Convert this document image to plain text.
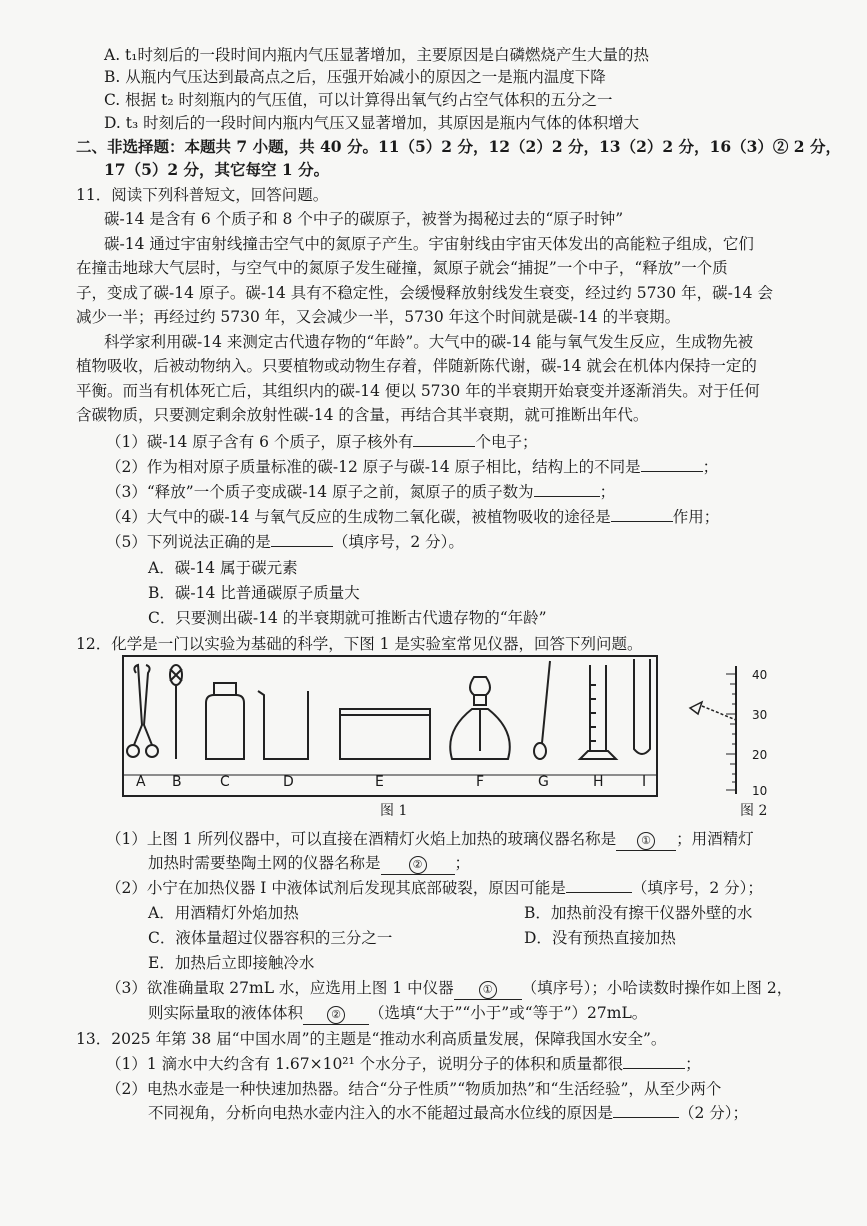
A. t₁时刻后的一段时间内瓶内气压显著增加，主要原因是白磷燃烧产生大量的热
B. 从瓶内气压达到最高点之后，压强开始减小的原因之一是瓶内温度下降
C. 根据 t₂ 时刻瓶内的气压值，可以计算得出氧气约占空气体积的五分之一
D. t₃ 时刻后的一段时间内瓶内气压又显著增加，其原因是瓶内气体的体积增大
二、非选择题：本题共 7 小题，共 40 分。11（5）2 分，12（2）2 分，13（2）2 分，16（3）② 2 分，
17（5）2 分，其它每空 1 分。
11．阅读下列科普短文，回答问题。
碳-14 是含有 6 个质子和 8 个中子的碳原子，被誉为揭秘过去的“原子时钟”
碳-14 通过宇宙射线撞击空气中的氮原子产生。宇宙射线由宇宙天体发出的高能粒子组成，它们
在撞击地球大气层时，与空气中的氮原子发生碰撞，氮原子就会“捕捉”一个中子，“释放”一个质
子，变成了碳-14 原子。碳-14 具有不稳定性，会缓慢释放射线发生衰变，经过约 5730 年，碳-14 会
减少一半；再经过约 5730 年，又会减少一半，5730 年这个时间就是碳-14 的半衰期。
科学家利用碳-14 来测定古代遗存物的“年龄”。大气中的碳-14 能与氧气发生反应，生成物先被
植物吸收，后被动物纳入。只要植物或动物生存着，伴随新陈代谢，碳-14 就会在机体内保持一定的
平衡。而当有机体死亡后，其组织内的碳-14 便以 5730 年的半衰期开始衰变并逐渐消失。对于任何
含碳物质，只要测定剩余放射性碳-14 的含量，再结合其半衰期，就可推断出年代。
（1）碳-14 原子含有 6 个质子，原子核外有	个电子；
（2）作为相对原子质量标准的碳-12 原子与碳-14 原子相比，结构上的不同是	；
（3）“释放”一个质子变成碳-14 原子之前，氮原子的质子数为	；
（4）大气中的碳-14 与氧气反应的生成物二氧化碳，被植物吸收的途径是	作用；
（5）下列说法正确的是	（填序号，2 分）。
A．碳-14 属于碳元素
B．碳-14 比普通碳原子质量大
C．只要测出碳-14 的半衰期就可推断古代遗存物的“年龄”
12．化学是一门以实验为基础的科学，下图 1 是实验室常见仪器，回答下列问题。
A B	C	D	E	F	G	H	I
图 1
40
30
20
10
图 2
（1）上图 1 所列仪器中，可以直接在酒精灯火焰上加热的玻璃仪器名称是 ① ；用酒精灯
加热时需要垫陶土网的仪器名称是	② ；
（2）小宁在加热仪器 I 中液体试剂后发现其底部破裂，原因可能是	（填序号，2 分）；
A．用酒精灯外焰加热	B．加热前没有擦干仪器外壁的水
C．液体量超过仪器容积的三分之一	D．没有预热直接加热
E．加热后立即接触冷水
（3）欲准确量取 27mL 水，应选用上图 1 中仪器	① （填序号）；小哈读数时操作如上图 2，
则实际量取的液体体积	② （选填“大于”“小于”或“等于”）27mL。
13．2025 年第 38 届“中国水周”的主题是“推动水利高质量发展，保障我国水安全”。
（1）1 滴水中大约含有 1.67×10²¹ 个水分子，说明分子的体积和质量都很	；
（2）电热水壶是一种快速加热器。结合“分子性质”“物质加热”和“生活经验”，从至少两个
不同视角，分析向电热水壶内注入的水不能超过最高水位线的原因是	（2 分）；
